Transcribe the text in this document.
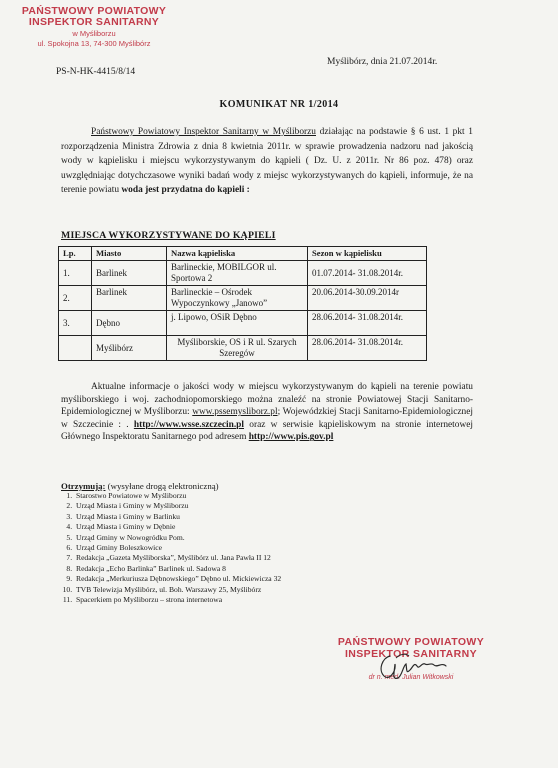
PAŃSTWOWY POWIATOWY
INSPEKTOR SANITARNY
w Myśliborzu
ul. Spokojna 13, 74-300 Myślibórz
PS-N-HK-4415/8/14
Myślibórz, dnia 21.07.2014r.
KOMUNIKAT NR 1/2014
Państwowy Powiatowy Inspektor Sanitarny w Myśliborzu działając na podstawie § 6 ust. 1 pkt 1 rozporządzenia Ministra Zdrowia z dnia 8 kwietnia 2011r. w sprawie prowadzenia nadzoru nad jakością wody w kąpielisku i miejscu wykorzystywanym do kąpieli ( Dz. U. z 2011r. Nr 86 poz. 478) oraz uwzględniając dotychczasowe wyniki badań wody z miejsc wykorzystywanych do kąpieli, informuje, że na terenie powiatu woda jest przydatna do kąpieli :
MIEJSCA WYKORZYSTYWANE DO KĄPIELI
Lp.	Miasto	Nazwa kąpieliska	Sezon w kąpielisku
1.	Barlinek	Barlineckie, MOBILGOR ul. Sportowa 2	01.07.2014- 31.08.2014r.
2.	Barlinek	Barlineckie – Ośrodek Wypoczynkowy „Janowo”	20.06.2014-30.09.2014r
3.	Dębno	j. Lipowo, OSiR Dębno	28.06.2014- 31.08.2014r.
	Myślibórz	Myśliborskie, OS i R ul. Szarych Szeregów	28.06.2014- 31.08.2014r.
Aktualne informacje o jakości wody w miejscu wykorzystywanym do kąpieli na terenie powiatu myśliborskiego i woj. zachodniopomorskiego można znaleźć na stronie Powiatowej Stacji Sanitarno-Epidemiologicznej w Myśliborzu: www.pssemysliborz.pl; Wojewódzkiej Stacji Sanitarno-Epidemiologicznej w Szczecinie : . http://www.wsse.szczecin.pl oraz w serwisie kąpieliskowym na stronie internetowej Głównego Inspektoratu Sanitarnego pod adresem http://www.pis.gov.pl
Otrzymują: (wysyłane drogą elektroniczną)
1. Starostwo Powiatowe w Myśliborzu
2. Urząd Miasta i Gminy w Myśliborzu
3. Urząd Miasta i Gminy w Barlinku
4. Urząd Miasta i Gminy w Dębnie
5. Urząd Gminy w Nowogródku Pom.
6. Urząd Gminy Boleszkowice
7. Redakcja „Gazeta Myśliborska”, Myślibórz ul. Jana Pawła II 12
8. Redakcja „Echo Barlinka” Barlinek ul. Sadowa 8
9. Redakcja „Merkuriusza Dębnowskiego” Dębno ul. Mickiewicza 32
10. TVB Telewizja Myślibórz, ul. Boh. Warszawy 25, Myślibórz
11. Spacerkiem po Myśliborzu – strona internetowa
PAŃSTWOWY POWIATOWY
INSPEKTOR SANITARNY
dr n. med. Julian Witkowski
